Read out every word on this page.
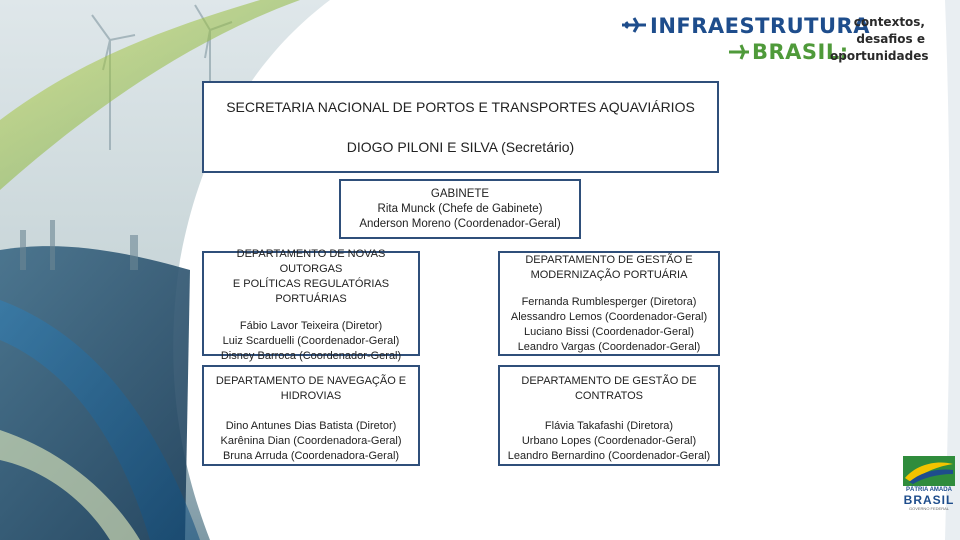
INFRAESTRUTURA
BRASIL:
contextos,
desafios e
oportunidades
SECRETARIA NACIONAL DE PORTOS E TRANSPORTES AQUAVIÁRIOS
DIOGO PILONI E SILVA (Secretário)
GABINETE
Rita Munck (Chefe de Gabinete)
Anderson Moreno (Coordenador-Geral)
DEPARTAMENTO DE NOVAS OUTORGAS
E POLÍTICAS REGULATÓRIAS
PORTUÁRIAS
Fábio Lavor Teixeira (Diretor)
Luiz Scarduelli (Coordenador-Geral)
Disney Barroca (Coordenador-Geral)
DEPARTAMENTO DE GESTÃO E
MODERNIZAÇÃO PORTUÁRIA
Fernanda Rumblesperger (Diretora)
Alessandro Lemos (Coordenador-Geral)
Luciano Bissi (Coordenador-Geral)
Leandro Vargas (Coordenador-Geral)
DEPARTAMENTO DE NAVEGAÇÃO E
HIDROVIAS
Dino Antunes Dias Batista (Diretor)
Karênina Dian (Coordenadora-Geral)
Bruna Arruda (Coordenadora-Geral)
DEPARTAMENTO DE GESTÃO DE
CONTRATOS
Flávia Takafashi (Diretora)
Urbano Lopes (Coordenador-Geral)
Leandro Bernardino (Coordenador-Geral)
PÁTRIA AMADA
BRASIL
GOVERNO FEDERAL
